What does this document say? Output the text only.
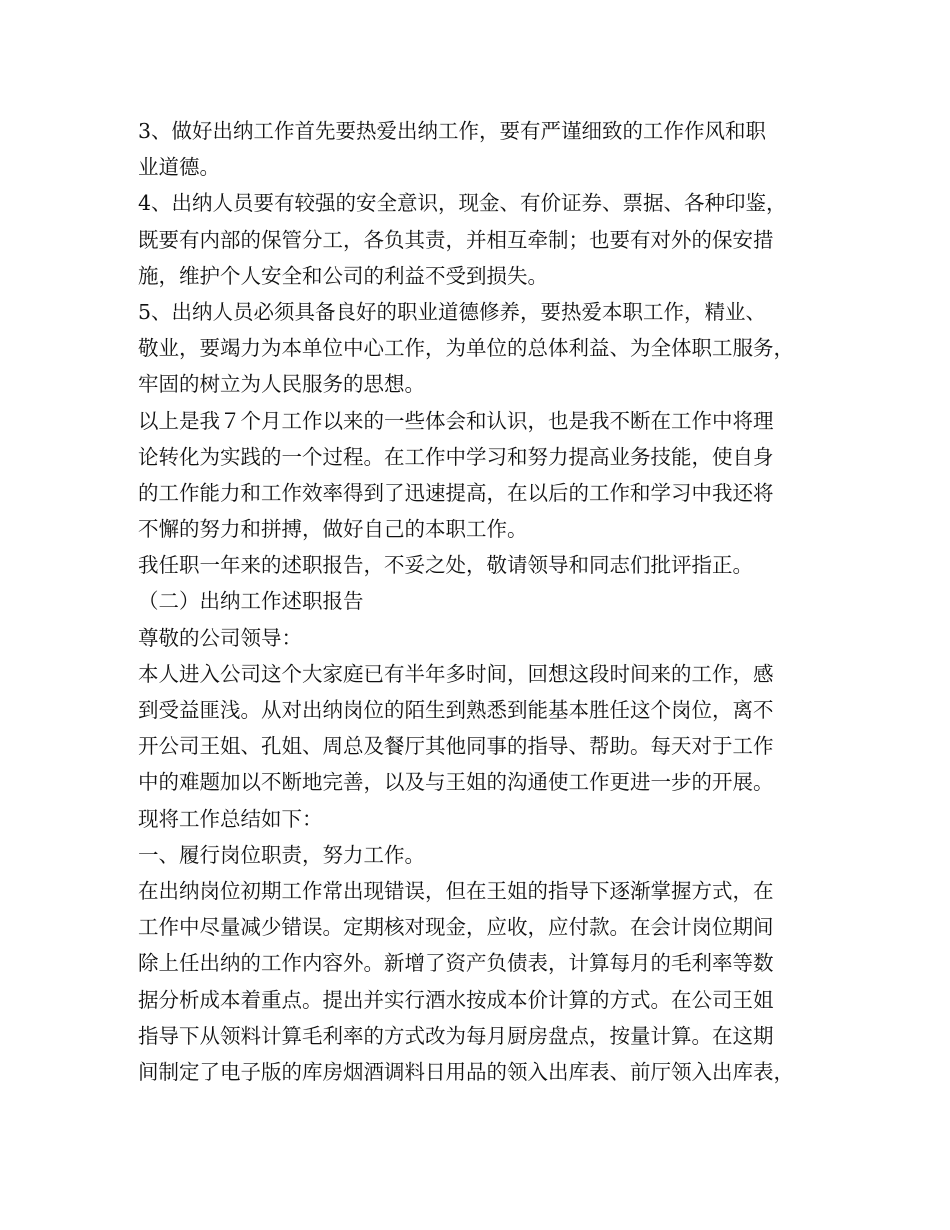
3、做好出纳工作首先要热爱出纳工作，要有严谨细致的工作作风和职
业道德。
4、出纳人员要有较强的安全意识，现金、有价证券、票据、各种印鉴，
既要有内部的保管分工，各负其责，并相互牵制；也要有对外的保安措
施，维护个人安全和公司的利益不受到损失。
5、出纳人员必须具备良好的职业道德修养，要热爱本职工作，精业、
敬业，要竭力为本单位中心工作，为单位的总体利益、为全体职工服务，
牢固的树立为人民服务的思想。
以上是我７个月工作以来的一些体会和认识，也是我不断在工作中将理
论转化为实践的一个过程。在工作中学习和努力提高业务技能，使自身
的工作能力和工作效率得到了迅速提高，在以后的工作和学习中我还将
不懈的努力和拼搏，做好自己的本职工作。
我任职一年来的述职报告，不妥之处，敬请领导和同志们批评指正。
（二）出纳工作述职报告
尊敬的公司领导：
本人进入公司这个大家庭已有半年多时间，回想这段时间来的工作，感
到受益匪浅。从对出纳岗位的陌生到熟悉到能基本胜任这个岗位，离不
开公司王姐、孔姐、周总及餐厅其他同事的指导、帮助。每天对于工作
中的难题加以不断地完善，以及与王姐的沟通使工作更进一步的开展。
现将工作总结如下：
一、履行岗位职责，努力工作。
在出纳岗位初期工作常出现错误，但在王姐的指导下逐渐掌握方式，在
工作中尽量减少错误。定期核对现金，应收，应付款。在会计岗位期间
除上任出纳的工作内容外。新增了资产负债表，计算每月的毛利率等数
据分析成本着重点。提出并实行酒水按成本价计算的方式。在公司王姐
指导下从领料计算毛利率的方式改为每月厨房盘点，按量计算。在这期
间制定了电子版的库房烟酒调料日用品的领入出库表、前厅领入出库表，
